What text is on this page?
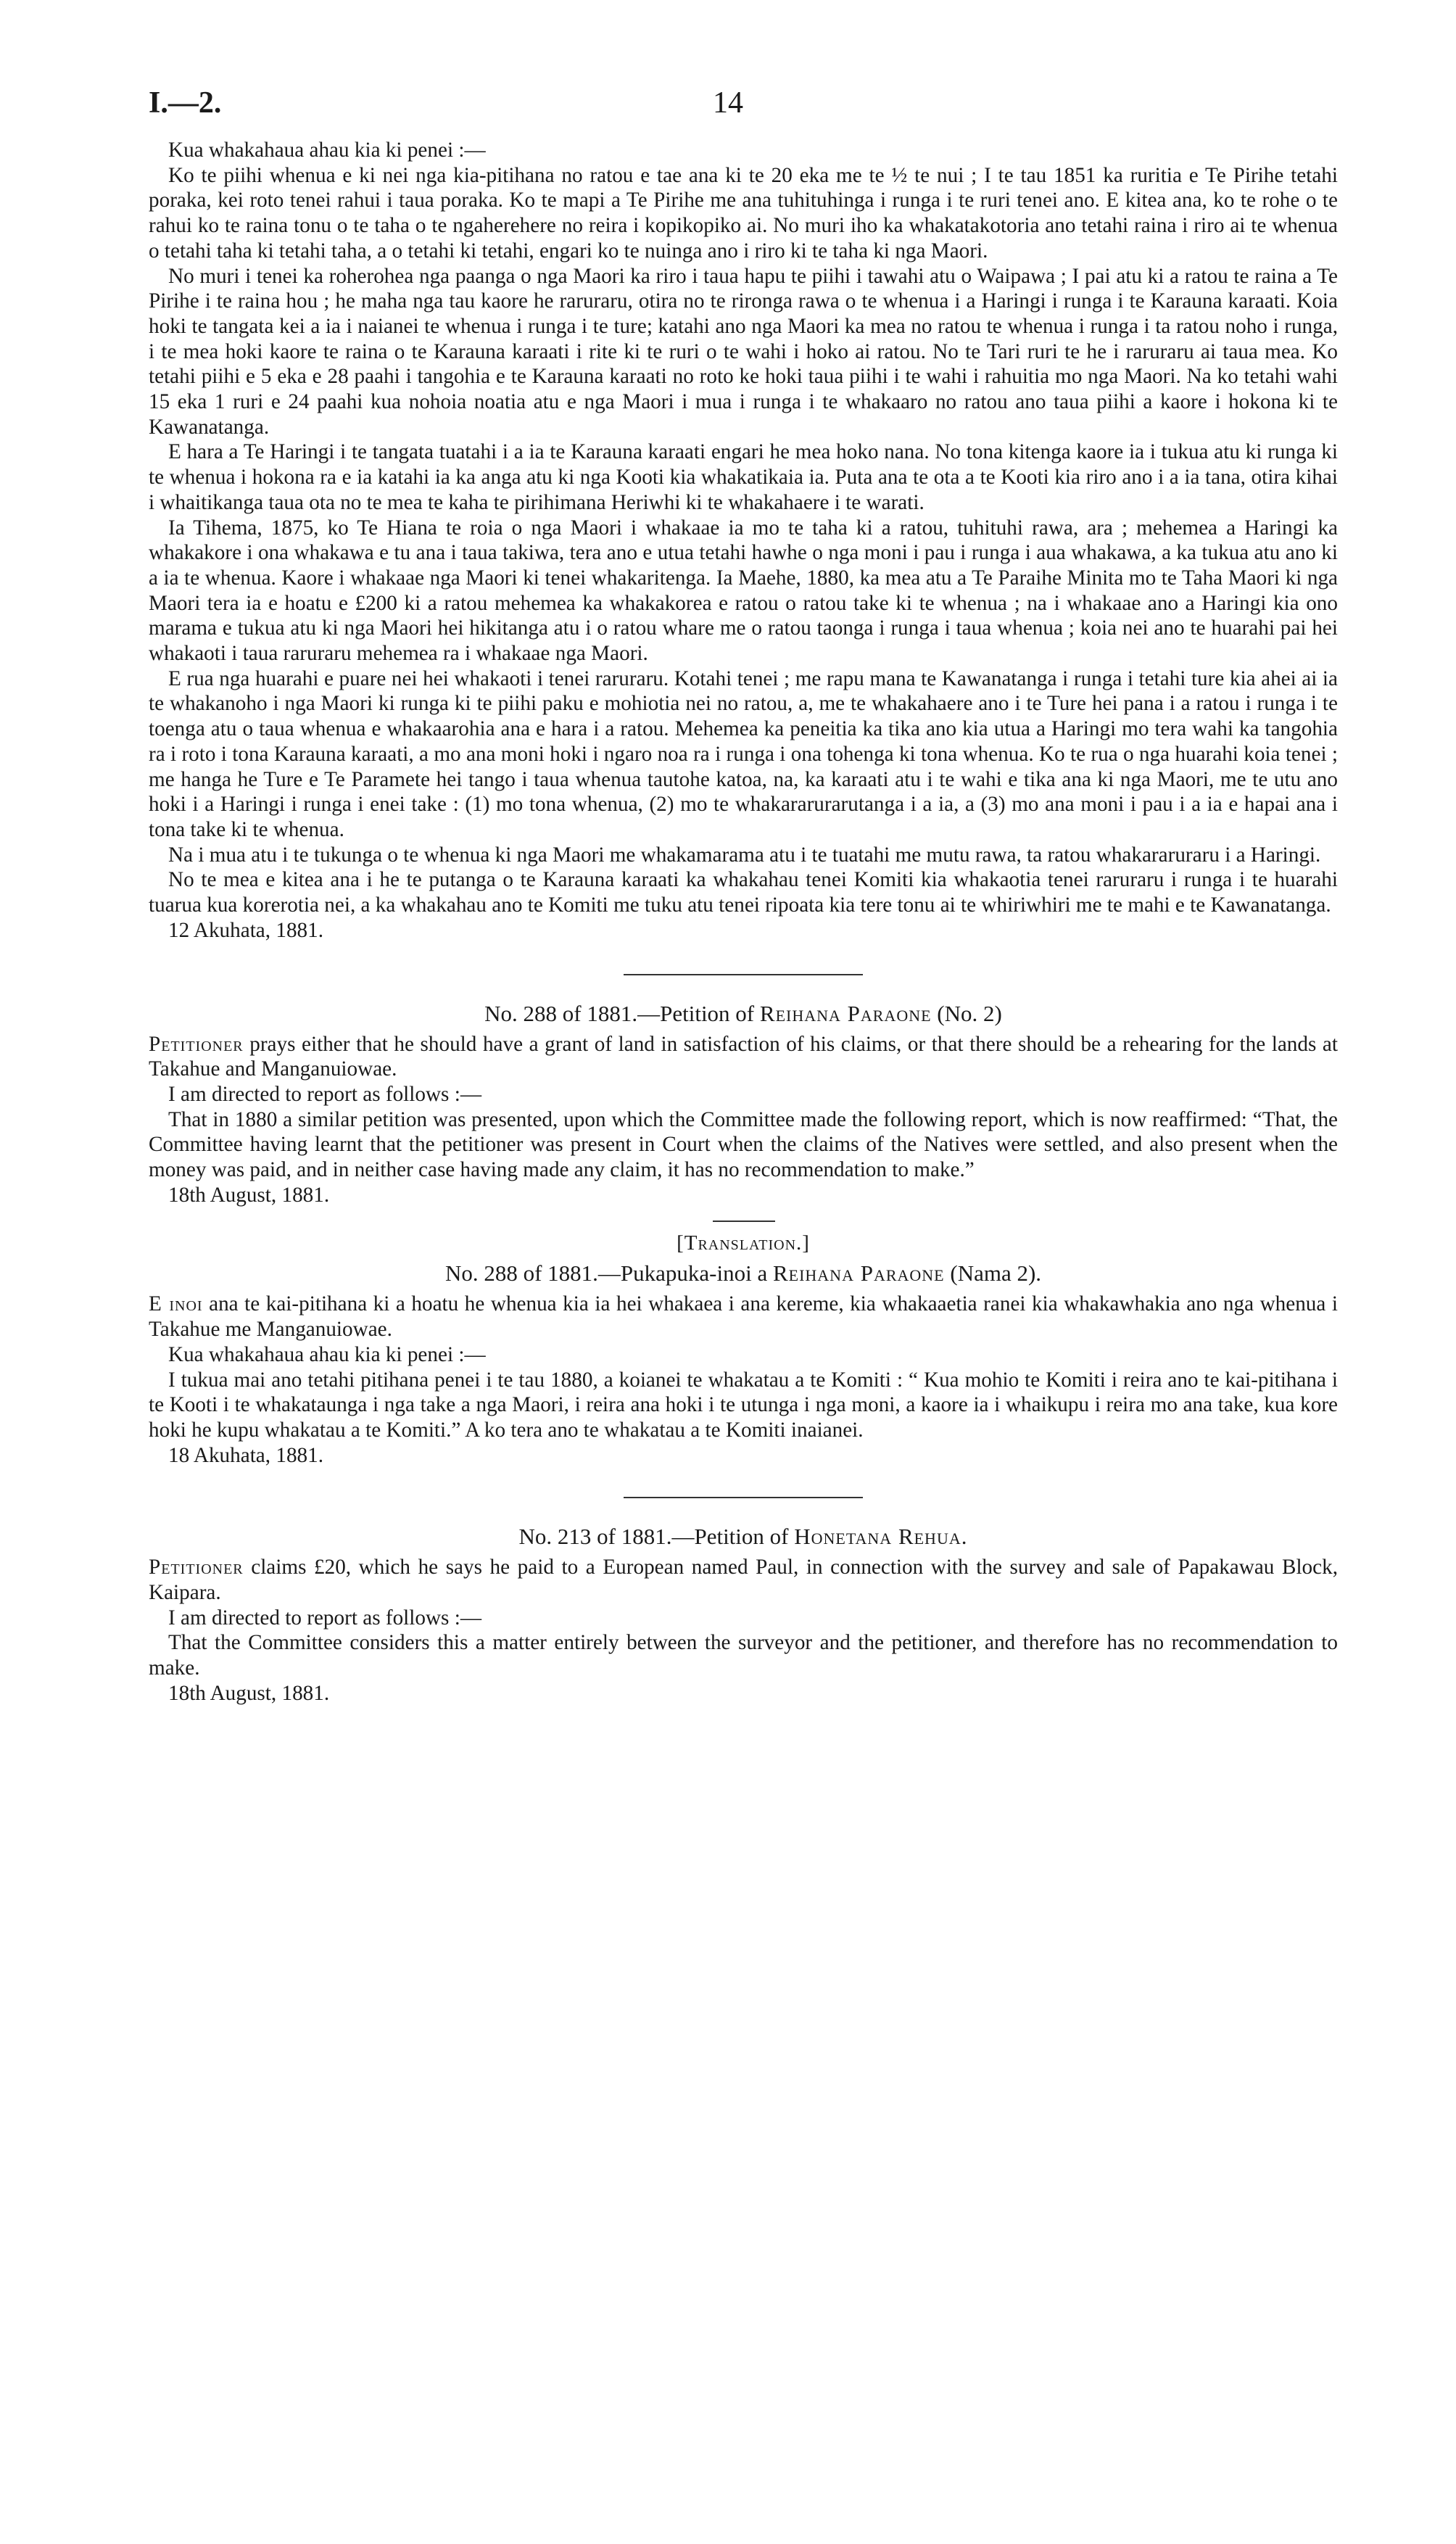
I.—2.	14

Kua whakahaua ahau kia ki penei :—

Ko te piihi whenua e ki nei nga kia-pitihana no ratou e tae ana ki te 20 eka me te ½ te nui ; I te tau 1851 ka ruritia e Te Pirihe tetahi poraka, kei roto tenei rahui i taua poraka. Ko te mapi a Te Pirihe me ana tuhituhinga i runga i te ruri tenei ano. E kitea ana, ko te rohe o te rahui ko te raina tonu o te taha o te ngaherehere no reira i kopikopiko ai. No muri iho ka whakatakotoria ano tetahi raina i riro ai te whenua o tetahi taha ki tetahi taha, a o tetahi ki tetahi, engari ko te nuinga ano i riro ki te taha ki nga Maori.

No muri i tenei ka roherohea nga paanga o nga Maori ka riro i taua hapu te piihi i tawahi atu o Waipawa ; I pai atu ki a ratou te raina a Te Pirihe i te raina hou ; he maha nga tau kaore he raruraru, otira no te rironga rawa o te whenua i a Haringi i runga i te Karauna karaati. Koia hoki te tangata kei a ia i naianei te whenua i runga i te ture; katahi ano nga Maori ka mea no ratou te whenua i runga i ta ratou noho i runga, i te mea hoki kaore te raina o te Karauna karaati i rite ki te ruri o te wahi i hoko ai ratou. No te Tari ruri te he i raruraru ai taua mea. Ko tetahi piihi e 5 eka e 28 paahi i tangohia e te Karauna karaati no roto ke hoki taua piihi i te wahi i rahuitia mo nga Maori. Na ko tetahi wahi 15 eka 1 ruri e 24 paahi kua nohoia noatia atu e nga Maori i mua i runga i te whakaaro no ratou ano taua piihi a kaore i hokona ki te Kawanatanga.

E hara a Te Haringi i te tangata tuatahi i a ia te Karauna karaati engari he mea hoko nana. No tona kitenga kaore ia i tukua atu ki runga ki te whenua i hokona ra e ia katahi ia ka anga atu ki nga Kooti kia whakatikaia ia. Puta ana te ota a te Kooti kia riro ano i a ia tana, otira kihai i whaitikanga taua ota no te mea te kaha te pirihimana Heriwhi ki te whakahaere i te warati.

Ia Tihema, 1875, ko Te Hiana te roia o nga Maori i whakaae ia mo te taha ki a ratou, tuhituhi rawa, ara ; mehemea a Haringi ka whakakore i ona whakawa e tu ana i taua takiwa, tera ano e utua tetahi hawhe o nga moni i pau i runga i aua whakawa, a ka tukua atu ano ki a ia te whenua. Kaore i whakaae nga Maori ki tenei whakaritenga. Ia Maehe, 1880, ka mea atu a Te Paraihe Minita mo te Taha Maori ki nga Maori tera ia e hoatu e £200 ki a ratou mehemea ka whakakorea e ratou o ratou take ki te whenua ; na i whakaae ano a Haringi kia ono marama e tukua atu ki nga Maori hei hikitanga atu i o ratou whare me o ratou taonga i runga i taua whenua ; koia nei ano te huarahi pai hei whakaoti i taua raruraru mehemea ra i whakaae nga Maori.

E rua nga huarahi e puare nei hei whakaoti i tenei raruraru. Kotahi tenei ; me rapu mana te Kawanatanga i runga i tetahi ture kia ahei ai ia te whakanoho i nga Maori ki runga ki te piihi paku e mohiotia nei no ratou, a, me te whakahaere ano i te Ture hei pana i a ratou i runga i te toenga atu o taua whenua e whakaarohia ana e hara i a ratou. Mehemea ka peneitia ka tika ano kia utua a Haringi mo tera wahi ka tangohia ra i roto i tona Karauna karaati, a mo ana moni hoki i ngaro noa ra i runga i ona tohenga ki tona whenua. Ko te rua o nga huarahi koia tenei ; me hanga he Ture e Te Paramete hei tango i taua whenua tautohe katoa, na, ka karaati atu i te wahi e tika ana ki nga Maori, me te utu ano hoki i a Haringi i runga i enei take : (1) mo tona whenua, (2) mo te whakararurarutanga i a ia, a (3) mo ana moni i pau i a ia e hapai ana i tona take ki te whenua.

Na i mua atu i te tukunga o te whenua ki nga Maori me whakamarama atu i te tuatahi me mutu rawa, ta ratou whakararuraru i a Haringi.

No te mea e kitea ana i he te putanga o te Karauna karaati ka whakahau tenei Komiti kia whakaotia tenei raruraru i runga i te huarahi tuarua kua korerotia nei, a ka whakahau ano te Komiti me tuku atu tenei ripoata kia tere tonu ai te whiriwhiri me te mahi e te Kawanatanga.

12 Akuhata, 1881.

No. 288 of 1881.—Petition of Reihana Paraone (No. 2)

Petitioner prays either that he should have a grant of land in satisfaction of his claims, or that there should be a rehearing for the lands at Takahue and Manganuiowae.

I am directed to report as follows :—

That in 1880 a similar petition was presented, upon which the Committee made the following report, which is now reaffirmed: “That, the Committee having learnt that the petitioner was present in Court when the claims of the Natives were settled, and also present when the money was paid, and in neither case having made any claim, it has no recommendation to make.”

18th August, 1881.

[Translation.]
No. 288 of 1881.—Pukapuka-inoi a Reihana Paraone (Nama 2).

E inoi ana te kai-pitihana ki a hoatu he whenua kia ia hei whakaea i ana kereme, kia whakaaetia ranei kia whakawhakia ano nga whenua i Takahue me Manganuiowae.

Kua whakahaua ahau kia ki penei :—

I tukua mai ano tetahi pitihana penei i te tau 1880, a koianei te whakatau a te Komiti : “ Kua mohio te Komiti i reira ano te kai-pitihana i te Kooti i te whakataunga i nga take a nga Maori, i reira ana hoki i te utunga i nga moni, a kaore ia i whaikupu i reira mo ana take, kua kore hoki he kupu whakatau a te Komiti.” A ko tera ano te whakatau a te Komiti inaianei.

18 Akuhata, 1881.

No. 213 of 1881.—Petition of Honetana Rehua.

Petitioner claims £20, which he says he paid to a European named Paul, in connection with the survey and sale of Papakawau Block, Kaipara.

I am directed to report as follows :—

That the Committee considers this a matter entirely between the surveyor and the petitioner, and therefore has no recommendation to make.

18th August, 1881.
